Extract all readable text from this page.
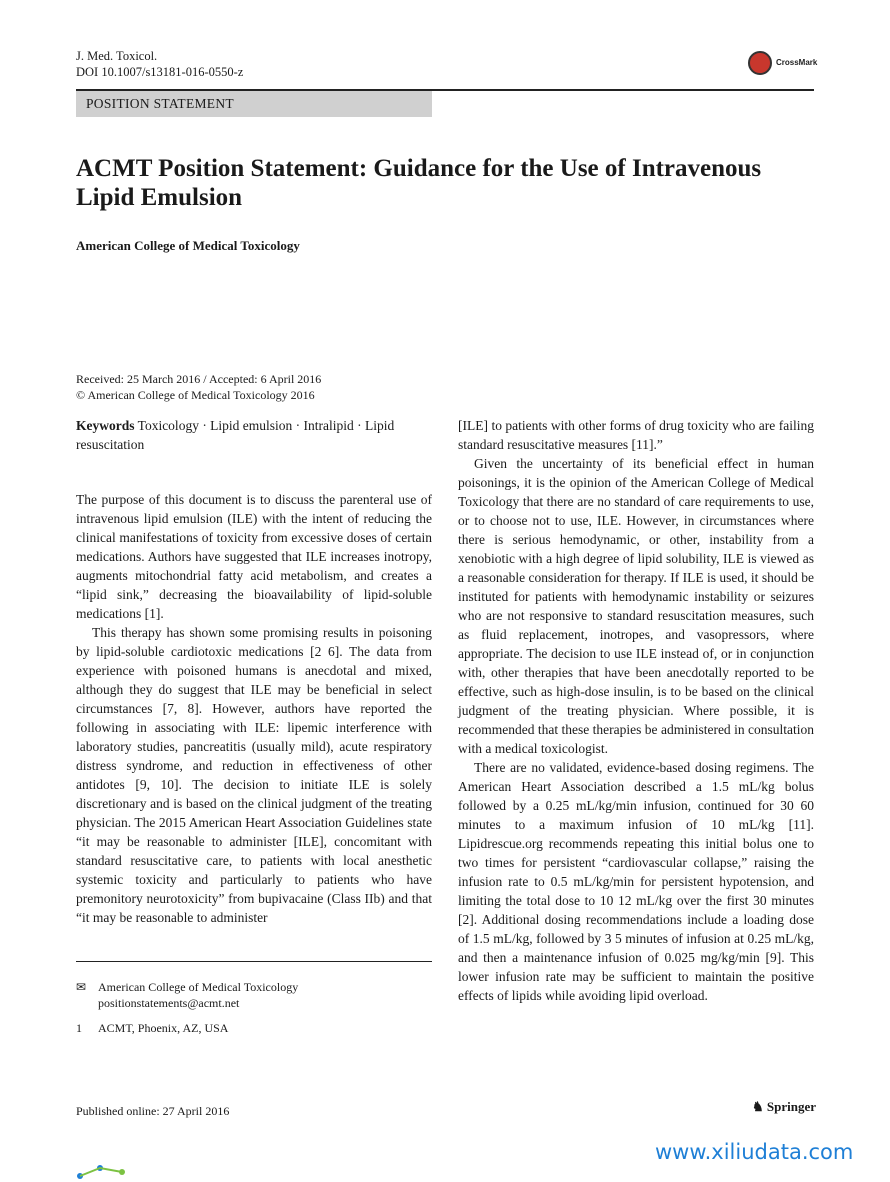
J. Med. Toxicol.
DOI 10.1007/s13181-016-0550-z
CrossMark
POSITION STATEMENT
ACMT Position Statement: Guidance for the Use of Intravenous Lipid Emulsion
American College of Medical Toxicology
Received: 25 March 2016 / Accepted: 6 April 2016
© American College of Medical Toxicology 2016
Keywords Toxicology · Lipid emulsion · Intralipid · Lipid resuscitation

The purpose of this document is to discuss the parenteral use of intravenous lipid emulsion (ILE) with the intent of reducing the clinical manifestations of toxicity from excessive doses of certain medications. Authors have suggested that ILE increases inotropy, augments mitochondrial fatty acid metabolism, and creates a “lipid sink,” decreasing the bioavailability of lipid-soluble medications [1].

This therapy has shown some promising results in poisoning by lipid-soluble cardiotoxic medications [2 6]. The data from experience with poisoned humans is anecdotal and mixed, although they do suggest that ILE may be beneficial in select circumstances [7, 8]. However, authors have reported the following in associating with ILE: lipemic interference with laboratory studies, pancreatitis (usually mild), acute respiratory distress syndrome, and reduction in effectiveness of other antidotes [9, 10]. The decision to initiate ILE is solely discretionary and is based on the clinical judgment of the treating physician. The 2015 American Heart Association Guidelines state “it may be reasonable to administer [ILE], concomitant with standard resuscitative care, to patients with local anesthetic systemic toxicity and particularly to patients who have premonitory neurotoxicity” from bupivacaine (Class IIb) and that “it may be reasonable to administer

[ILE] to patients with other forms of drug toxicity who are failing standard resuscitative measures [11].”

Given the uncertainty of its beneficial effect in human poisonings, it is the opinion of the American College of Medical Toxicology that there are no standard of care requirements to use, or to choose not to use, ILE. However, in circumstances where there is serious hemodynamic, or other, instability from a xenobiotic with a high degree of lipid solubility, ILE is viewed as a reasonable consideration for therapy. If ILE is used, it should be instituted for patients with hemodynamic instability or seizures who are not responsive to standard resuscitation measures, such as fluid replacement, inotropes, and vasopressors, where appropriate. The decision to use ILE instead of, or in conjunction with, other therapies that have been anecdotally reported to be effective, such as high-dose insulin, is to be based on the clinical judgment of the treating physician. Where possible, it is recommended that these therapies be administered in consultation with a medical toxicologist.

There are no validated, evidence-based dosing regimens. The American Heart Association described a 1.5 mL/kg bolus followed by a 0.25 mL/kg/min infusion, continued for 30 60 minutes to a maximum infusion of 10 mL/kg [11]. Lipidrescue.org recommends repeating this initial bolus one to two times for persistent “cardiovascular collapse,” raising the infusion rate to 0.5 mL/kg/min for persistent hypotension, and limiting the total dose to 10 12 mL/kg over the first 30 minutes [2]. Additional dosing recommendations include a loading dose of 1.5 mL/kg, followed by 3 5 minutes of infusion at 0.25 mL/kg, and then a maintenance infusion of 0.025 mg/kg/min [9]. This lower infusion rate may be sufficient to maintain the positive effects of lipids while avoiding lipid overload.

✉ American College of Medical Toxicology
positionstatements@acmt.net
1	ACMT, Phoenix, AZ, USA
Published online: 27 April 2016	♞ Springer
www.xiliudata.com
